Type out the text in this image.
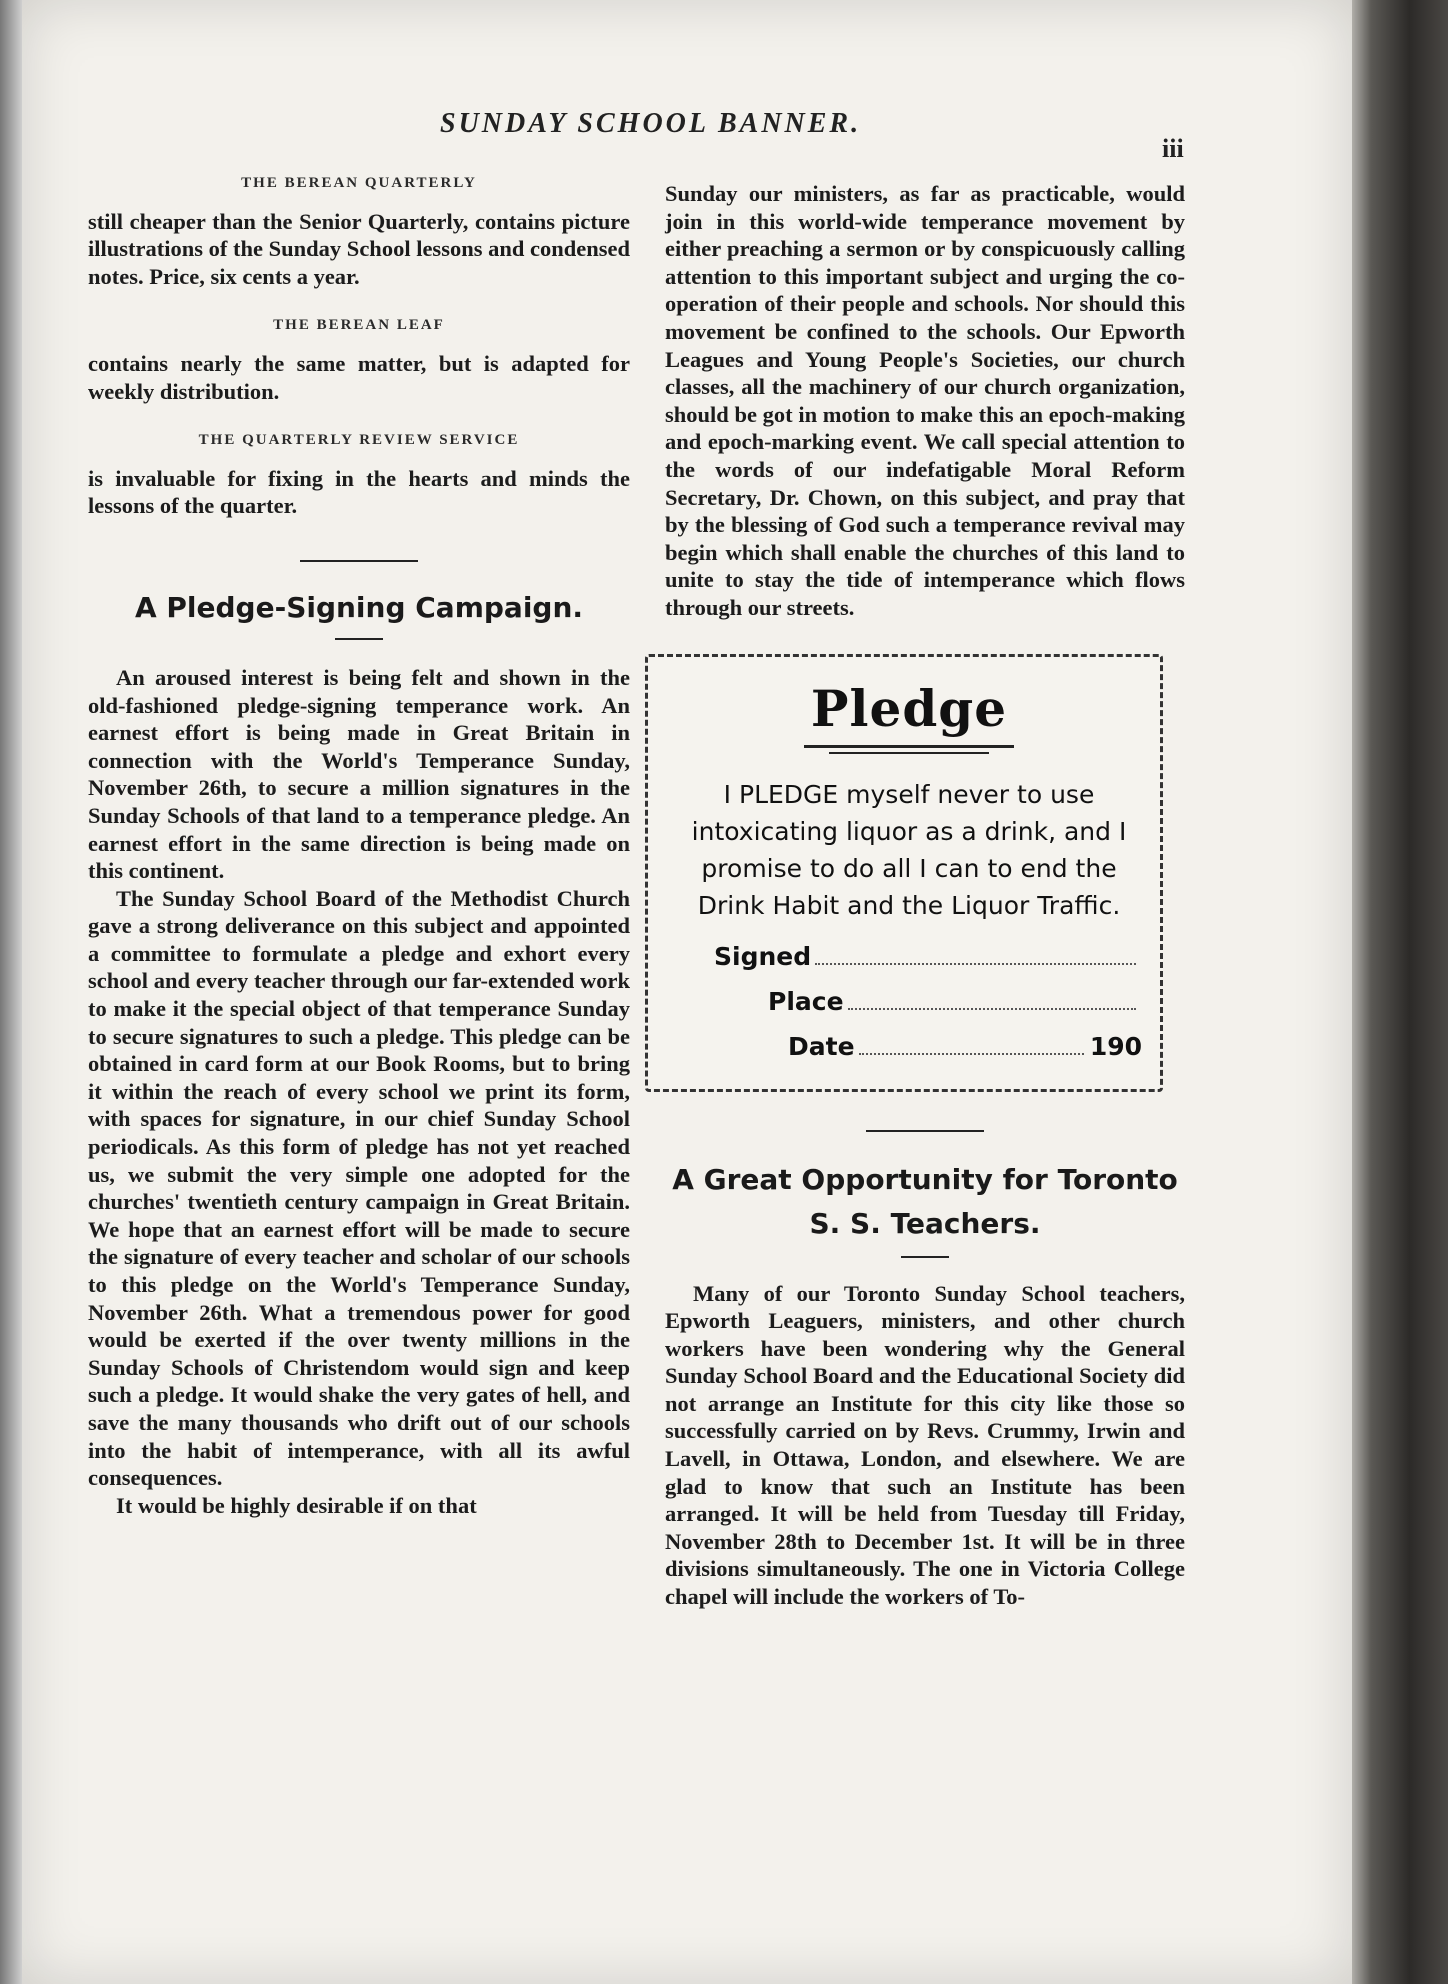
SUNDAY SCHOOL BANNER.
iii
THE BEREAN QUARTERLY

still cheaper than the Senior Quarterly, contains picture illustrations of the Sunday School lessons and condensed notes. Price, six cents a year.

THE BEREAN LEAF

contains nearly the same matter, but is adapted for weekly distribution.

THE QUARTERLY REVIEW SERVICE

is invaluable for fixing in the hearts and minds the lessons of the quarter.

A Pledge-Signing Campaign.

An aroused interest is being felt and shown in the old-fashioned pledge-signing temperance work. An earnest effort is being made in Great Britain in connection with the World's Temperance Sunday, November 26th, to secure a million signatures in the Sunday Schools of that land to a temperance pledge. An earnest effort in the same direction is being made on this continent.

The Sunday School Board of the Methodist Church gave a strong deliverance on this subject and appointed a committee to formulate a pledge and exhort every school and every teacher through our far-extended work to make it the special object of that temperance Sunday to secure signatures to such a pledge. This pledge can be obtained in card form at our Book Rooms, but to bring it within the reach of every school we print its form, with spaces for signature, in our chief Sunday School periodicals. As this form of pledge has not yet reached us, we submit the very simple one adopted for the churches' twentieth century campaign in Great Britain. We hope that an earnest effort will be made to secure the signature of every teacher and scholar of our schools to this pledge on the World's Temperance Sunday, November 26th. What a tremendous power for good would be exerted if the over twenty millions in the Sunday Schools of Christendom would sign and keep such a pledge. It would shake the very gates of hell, and save the many thousands who drift out of our schools into the habit of intemperance, with all its awful consequences.

It would be highly desirable if on that

Sunday our ministers, as far as practicable, would join in this world-wide temperance movement by either preaching a sermon or by conspicuously calling attention to this important subject and urging the co-operation of their people and schools. Nor should this movement be confined to the schools. Our Epworth Leagues and Young People's Societies, our church classes, all the machinery of our church organization, should be got in motion to make this an epoch-making and epoch-marking event. We call special attention to the words of our indefatigable Moral Reform Secretary, Dr. Chown, on this subject, and pray that by the blessing of God such a temperance revival may begin which shall enable the churches of this land to unite to stay the tide of intemperance which flows through our streets.

Pledge
I PLEDGE myself never to use intoxicating liquor as a drink, and I promise to do all I can to end the Drink Habit and the Liquor Traffic.
Signed
Place
Date	190
A Great Opportunity for Toronto
S. S. Teachers.

Many of our Toronto Sunday School teachers, Epworth Leaguers, ministers, and other church workers have been wondering why the General Sunday School Board and the Educational Society did not arrange an Institute for this city like those so successfully carried on by Revs. Crummy, Irwin and Lavell, in Ottawa, London, and elsewhere. We are glad to know that such an Institute has been arranged. It will be held from Tuesday till Friday, November 28th to December 1st. It will be in three divisions simultaneously. The one in Victoria College chapel will include the workers of To-
